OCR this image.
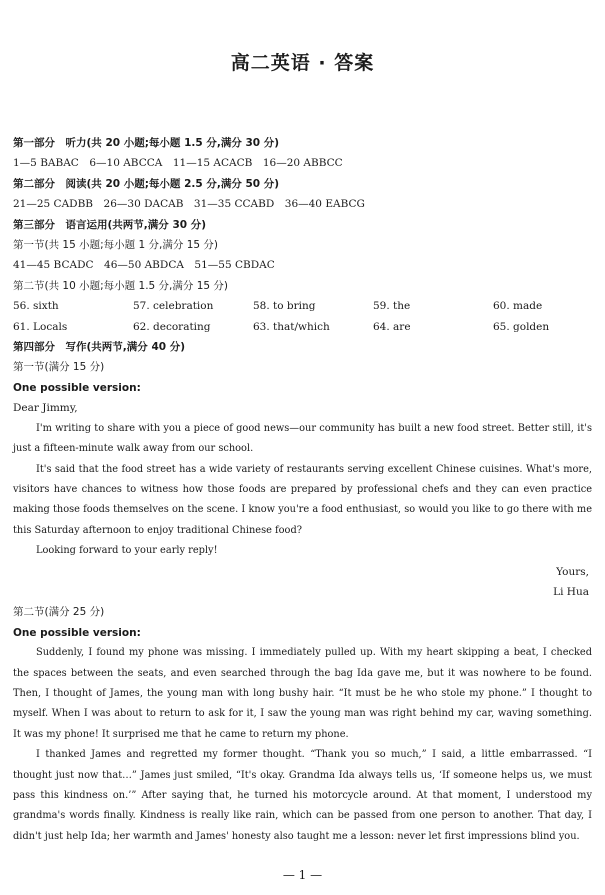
高二英语 · 答案
第一部分　听力(共 20 小题;每小题 1.5 分,满分 30 分)
1—5 BABAC　6—10 ABCCA　11—15 ACACB　16—20 ABBCC
第二部分　阅读(共 20 小题;每小题 2.5 分,满分 50 分)
21—25 CADBB　26—30 DACAB　31—35 CCABD　36—40 EABCG
第三部分　语言运用(共两节,满分 30 分)
第一节(共 15 小题;每小题 1 分,满分 15 分)
41—45 BCADC　46—50 ABDCA　51—55 CBDAC
第二节(共 10 小题;每小题 1.5 分,满分 15 分)
56. sixth	57. celebration	58. to bring	59. the	60. made
61. Locals	62. decorating	63. that/which	64. are	65. golden
第四部分　写作(共两节,满分 40 分)
第一节(满分 15 分)
One possible version:
Dear Jimmy,
I'm writing to share with you a piece of good news—our community has built a new food street. Better still, it's just a fifteen-minute walk away from our school.
It's said that the food street has a wide variety of restaurants serving excellent Chinese cuisines. What's more, visitors have chances to witness how those foods are prepared by professional chefs and they can even practice making those foods themselves on the scene. I know you're a food enthusiast, so would you like to go there with me this Saturday afternoon to enjoy traditional Chinese food?
Looking forward to your early reply!
Yours,
Li Hua
第二节(满分 25 分)
One possible version:
Suddenly, I found my phone was missing. I immediately pulled up. With my heart skipping a beat, I checked the spaces between the seats, and even searched through the bag Ida gave me, but it was nowhere to be found. Then, I thought of James, the young man with long bushy hair. “It must be he who stole my phone.” I thought to myself. When I was about to return to ask for it, I saw the young man was right behind my car, waving something. It was my phone! It surprised me that he came to return my phone.
I thanked James and regretted my former thought. “Thank you so much,” I said, a little embarrassed. “I thought just now that…” James just smiled, “It's okay. Grandma Ida always tells us, ‘If someone helps us, we must pass this kindness on.’” After saying that, he turned his motorcycle around. At that moment, I understood my grandma's words finally. Kindness is really like rain, which can be passed from one person to another. That day, I didn't just help Ida; her warmth and James' honesty also taught me a lesson: never let first impressions blind you.
— 1 —
